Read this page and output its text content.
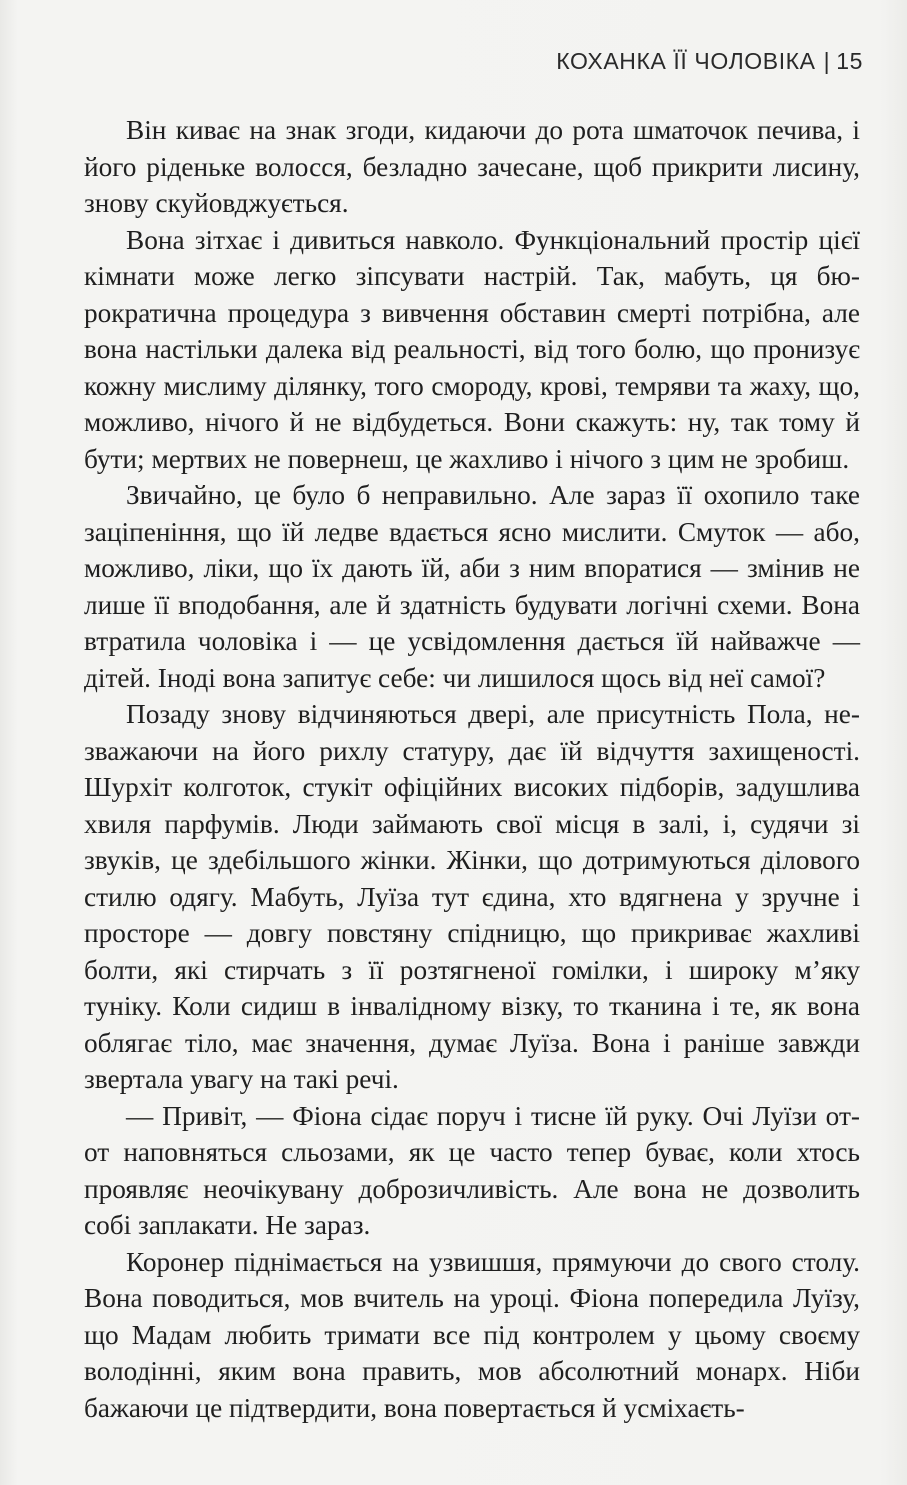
КОХАНКА ЇЇ ЧОЛОВІКА | 15

Він киває на знак згоди, кидаючи до рота шматочок печива, і його ріденьке волосся, безладно зачесане, щоб прикрити лисину, знову скуйовджується.

Вона зітхає і дивиться навколо. Функціональний простір цієї кімнати може легко зіпсувати настрій. Так, мабуть, ця бюрократична процедура з вивчення обставин смерті потрібна, але вона настільки далека від реальності, від того болю, що пронизує кожну мислиму ділянку, того смороду, крові, темряви та жаху, що, можливо, нічого й не відбудеться. Вони скажуть: ну, так тому й бути; мертвих не повернеш, це жахливо і нічого з цим не зробиш.

Звичайно, це було б неправильно. Але зараз її охопило таке заціпеніння, що їй ледве вдається ясно мислити. Смуток — або, можливо, ліки, що їх дають їй, аби з ним впоратися — змінив не лише її вподобання, але й здатність будувати логічні схеми. Вона втратила чоловіка і — це усвідомлення дається їй найважче — дітей. Іноді вона запитує себе: чи лишилося щось від неї самої?

Позаду знову відчиняються двері, але присутність Пола, незважаючи на його рихлу статуру, дає їй відчуття захищеності. Шурхіт колготок, стукіт офіційних високих підборів, задушлива хвиля парфумів. Люди займають свої місця в залі, і, судячи зі звуків, це здебільшого жінки. Жінки, що дотримуються ділового стилю одягу. Мабуть, Луїза тут єдина, хто вдягнена у зручне і просторе — довгу повстяну спідницю, що прикриває жахливі болти, які стирчать з її розтягненої гомілки, і широку м’яку туніку. Коли сидиш в інвалідному візку, то тканина і те, як вона облягає тіло, має значення, думає Луїза. Вона і раніше завжди звертала увагу на такі речі.

— Привіт, — Фіона сідає поруч і тисне їй руку. Очі Луїзи от-от наповняться сльозами, як це часто тепер буває, коли хтось проявляє неочікувану доброзичливість. Але вона не дозволить собі заплакати. Не зараз.

Коронер піднімається на узвишшя, прямуючи до свого столу. Вона поводиться, мов вчитель на уроці. Фіона попередила Луїзу, що Мадам любить тримати все під контролем у цьому своєму володінні, яким вона править, мов абсолютний монарх. Ніби бажаючи це підтвердити, вона повертається й усміхаєть-
